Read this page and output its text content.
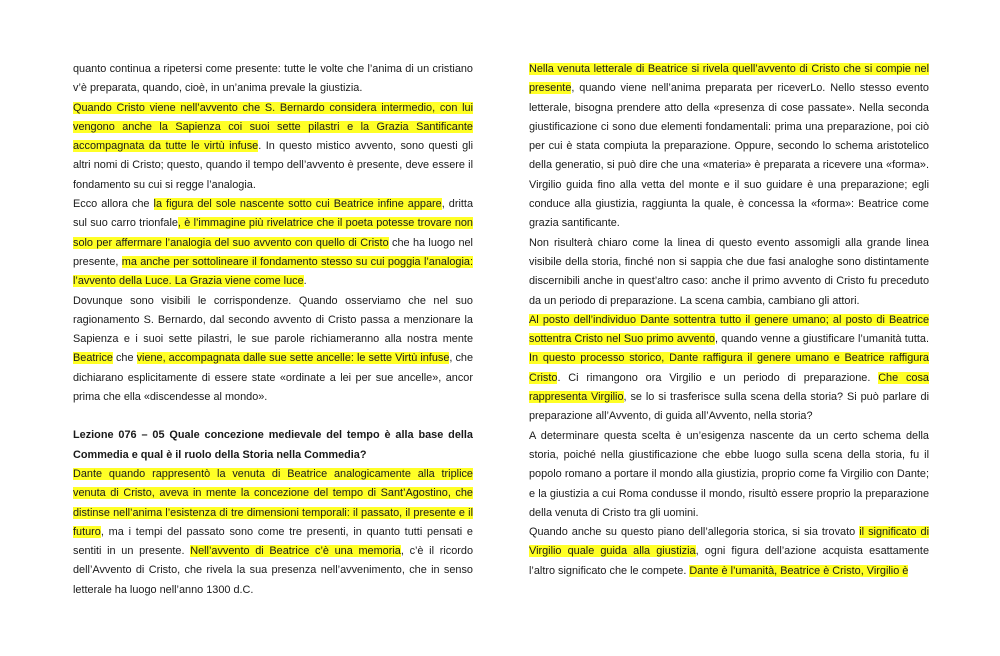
quanto continua a ripetersi come presente: tutte le volte che l’anima di un cristiano v’è preparata, quando, cioè, in un’anima prevale la giustizia.

Quando Cristo viene nell’avvento che S. Bernardo considera intermedio, con lui vengono anche la Sapienza coi suoi sette pilastri e la Grazia Santificante accompagnata da tutte le virtù infuse. In questo mistico avvento, sono questi gli altri nomi di Cristo; questo, quando il tempo dell’avvento è presente, deve essere il fondamento su cui si regge l’analogia.

Ecco allora che la figura del sole nascente sotto cui Beatrice infine appare, dritta sul suo carro trionfale, è l’immagine più rivelatrice che il poeta potesse trovare non solo per affermare l’analogia del suo avvento con quello di Cristo che ha luogo nel presente, ma anche per sottolineare il fondamento stesso su cui poggia l’analogia: l’avvento della Luce. La Grazia viene come luce.

Dovunque sono visibili le corrispondenze. Quando osserviamo che nel suo ragionamento S. Bernardo, dal secondo avvento di Cristo passa a menzionare la Sapienza e i suoi sette pilastri, le sue parole richiameranno alla nostra mente Beatrice che viene, accompagnata dalle sue sette ancelle: le sette Virtù infuse, che dichiarano esplicitamente di essere state «ordinate a lei per sue ancelle», ancor prima che ella «discendesse al mondo».

Lezione 076 – 05 Quale concezione medievale del tempo è alla base della Commedia e qual è il ruolo della Storia nella Commedia?

Dante quando rappresentò la venuta di Beatrice analogicamente alla triplice venuta di Cristo, aveva in mente la concezione del tempo di Sant’Agostino, che distinse nell’anima l’esistenza di tre dimensioni temporali: il passato, il presente e il futuro, ma i tempi del passato sono come tre presenti, in quanto tutti pensati e sentiti in un presente. Nell’avvento di Beatrice c’è una memoria, c’è il ricordo dell’Avvento di Cristo, che rivela la sua presenza nell’avvenimento, che in senso letterale ha luogo nell’anno 1300 d.C.

Nella venuta letterale di Beatrice si rivela quell’avvento di Cristo che si compie nel presente, quando viene nell’anima preparata per riceverLo. Nello stesso evento letterale, bisogna prendere atto della «presenza di cose passate». Nella seconda giustificazione ci sono due elementi fondamentali: prima una preparazione, poi ciò per cui è stata compiuta la preparazione. Oppure, secondo lo schema aristotelico della generatio, si può dire che una «materia» è preparata a ricevere una «forma». Virgilio guida fino alla vetta del monte e il suo guidare è una preparazione; egli conduce alla giustizia, raggiunta la quale, è concessa la «forma»: Beatrice come grazia santificante.

Non risulterà chiaro come la linea di questo evento assomigli alla grande linea visibile della storia, finché non si sappia che due fasi analoghe sono distintamente discernibili anche in quest’altro caso: anche il primo avvento di Cristo fu preceduto da un periodo di preparazione. La scena cambia, cambiano gli attori.

Al posto dell’individuo Dante sottentra tutto il genere umano; al posto di Beatrice sottentra Cristo nel Suo primo avvento, quando venne a giustificare l’umanità tutta. In questo processo storico, Dante raffigura il genere umano e Beatrice raffigura Cristo. Ci rimangono ora Virgilio e un periodo di preparazione. Che cosa rappresenta Virgilio, se lo si trasferisce sulla scena della storia? Si può parlare di preparazione all’Avvento, di guida all’Avvento, nella storia?

A determinare questa scelta è un’esigenza nascente da un certo schema della storia, poiché nella giustificazione che ebbe luogo sulla scena della storia, fu il popolo romano a portare il mondo alla giustizia, proprio come fa Virgilio con Dante; e la giustizia a cui Roma condusse il mondo, risultò essere proprio la preparazione della venuta di Cristo tra gli uomini.

Quando anche su questo piano dell’allegoria storica, si sia trovato il significato di Virgilio quale guida alla giustizia, ogni figura dell’azione acquista esattamente l’altro significato che le compete. Dante è l’umanità, Beatrice è Cristo, Virgilio è
